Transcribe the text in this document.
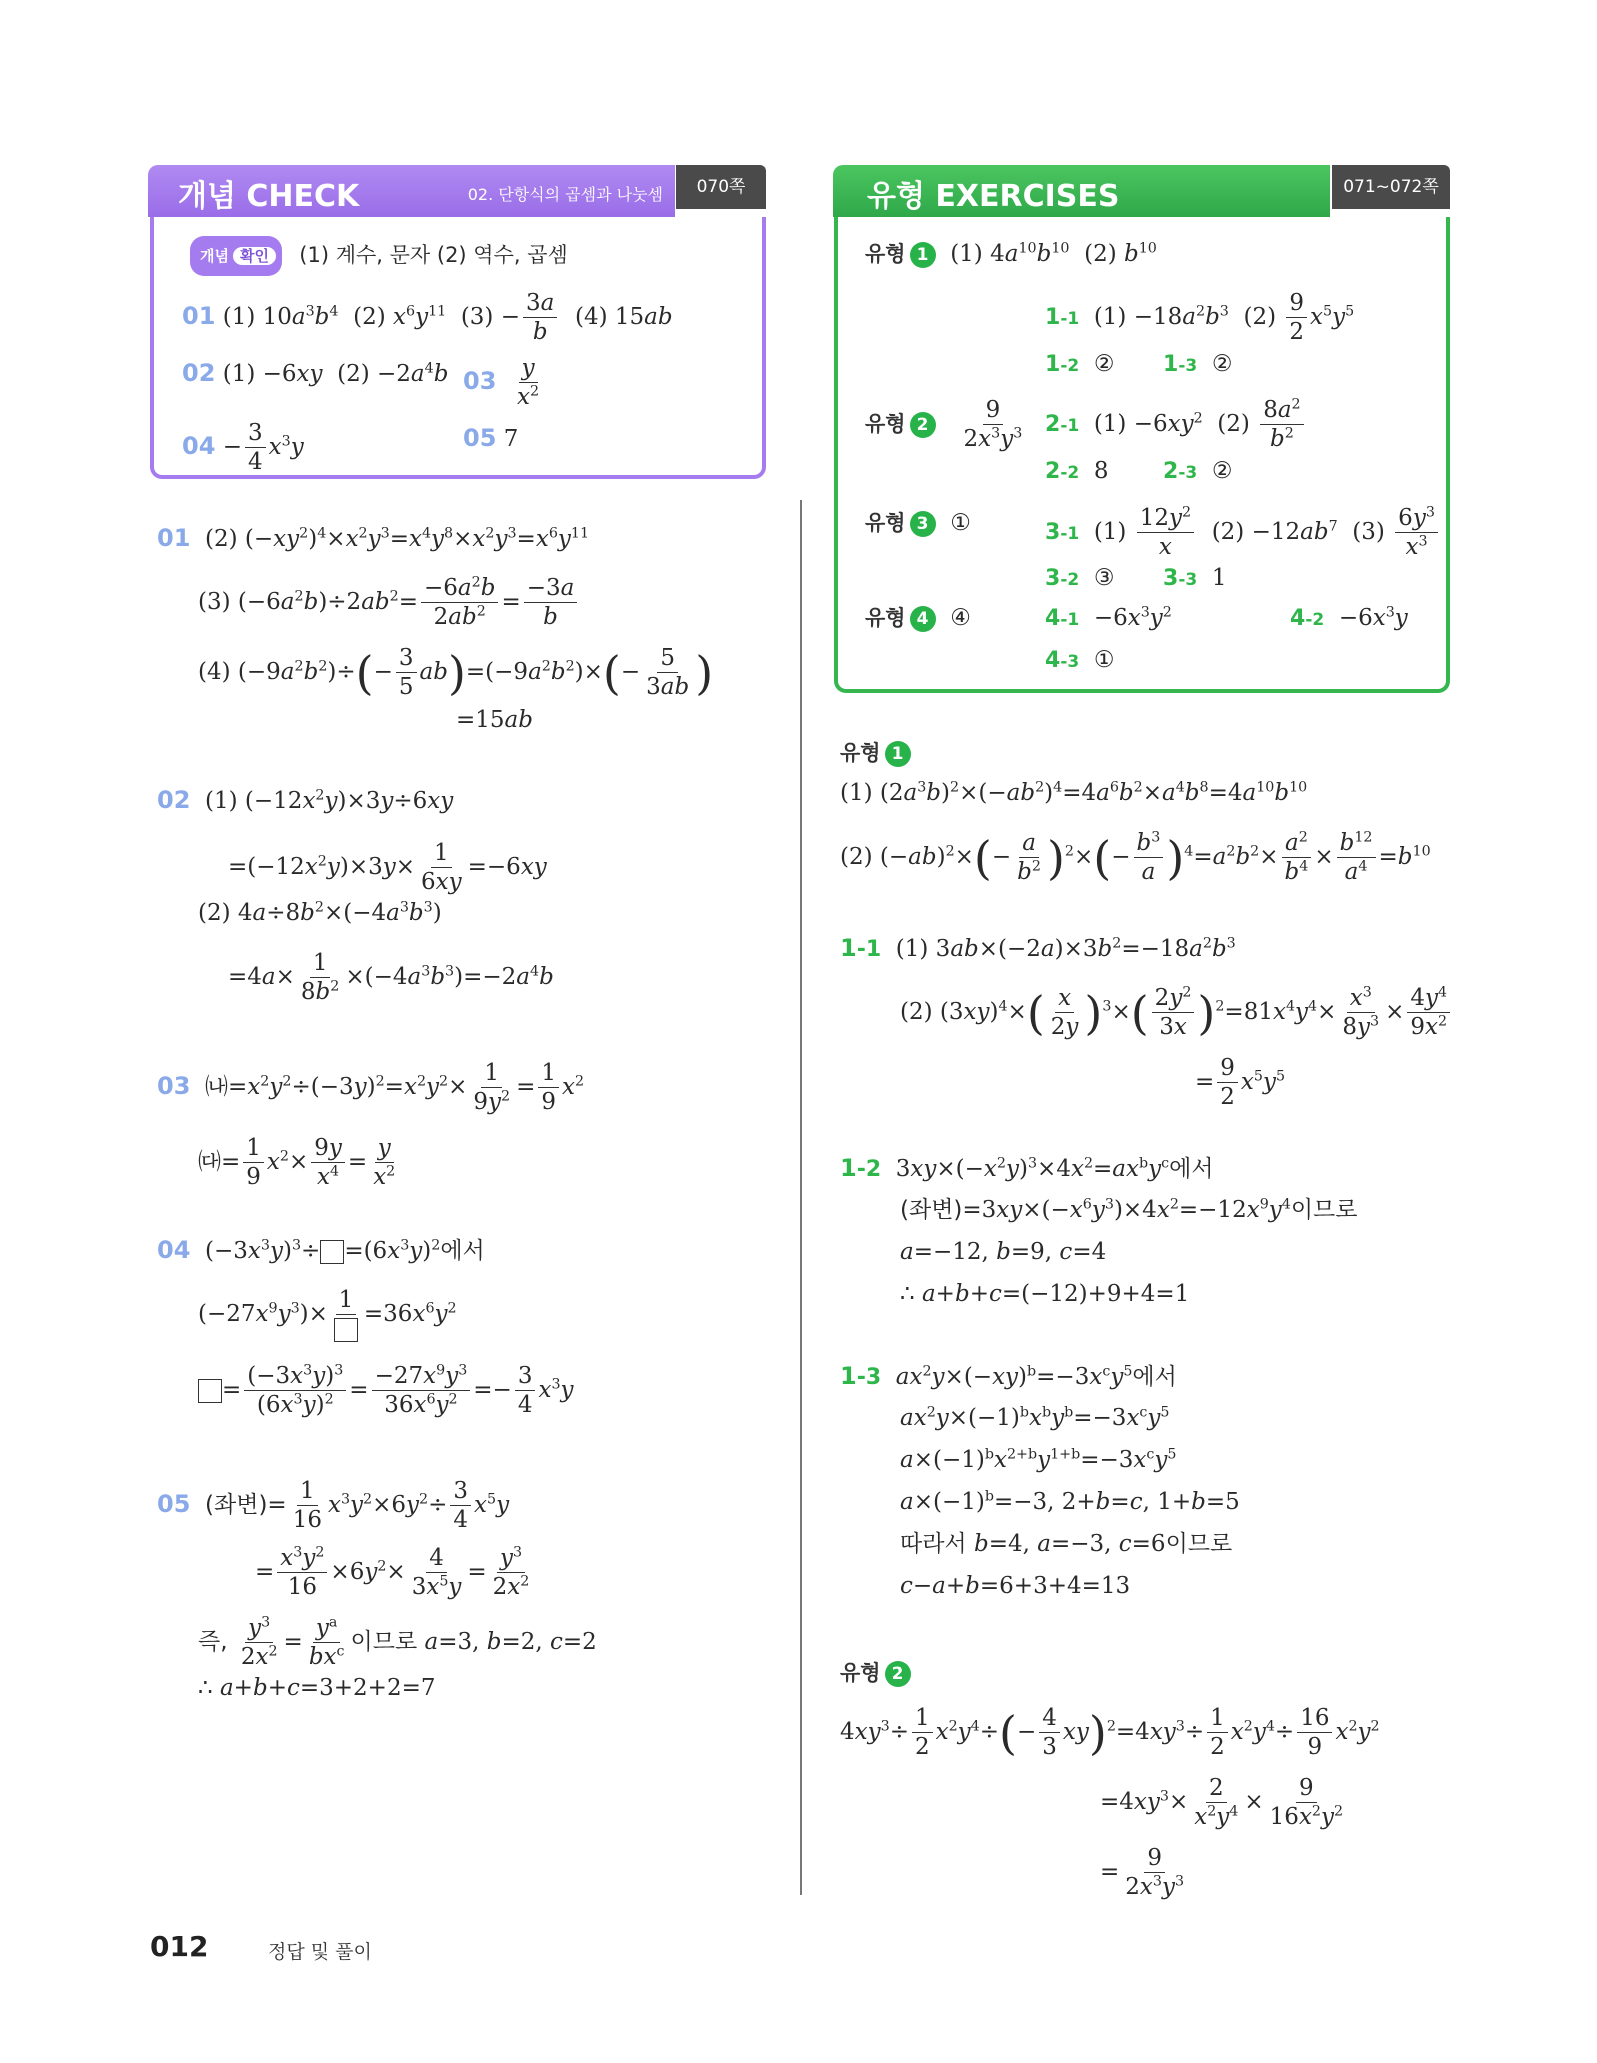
개념 CHECK	02. 단항식의 곱셈과 나눗셈	070쪽
개념 확인 (1) 계수, 문자 (2) 역수, 곱셈
01 (1) $10a^3b^4$  (2) $x^6y^{11}$  $(3) - \frac{3a}{b} (4)$ 15ab
02 (1) −6xy  $(2) -2a^4b$ $03 \frac{y}{x^2}$
$04 - \frac{3}{4} x^3y$	05 7
01  (2) $(-xy^2)^4\times x^2y^3=x^4y^8\times x^2y^3=x^6y^{11}$
(3) $(-6a^2b)\div 2ab^2= \frac{-6a^2b}{2ab^2} = \frac{-3a}{b}$
(4) $(-9a^2b^2)\div(- \frac{3}{5} ab)=(-9a^2b^2)\times(- \frac{5}{3ab}$ )
=15ab
02  (1) $(-12x^2y)\times 3y\div 6xy$
$=(-12x^2y)\times 3y\times \frac{1}{6xy} =-6xy$
(2) $4a\div 8b^2\times(-4a^3b^3)$
$=4a\times \frac{1}{8b^2} \times(-4a^3b^3)=-2a^4b$
03 $㈏=x^2y^2\div(-3y)^2=x^2y^2\times \frac{1}{9y^2} = \frac{1}{9} x^2$
㈐= $\frac{1}{9} x^2\times \frac{9y}{x^4} = \frac{y}{x^2}$
04  $(-3x^3y)^3\div =(6x^3y)^2$에서
$(-27x^9y^3)\times$
1
$=36x^6y^2$
= $\frac{(-3x^3y)^3}{(6x^3y)^2} = \frac{-27x^9y^3}{36x^6y^2} =- \frac{3}{4} x^3y$
05 (좌변)= $\frac{1}{16} x^3y^2\times 6y^2\div \frac{3}{4} x^5y$
= $\frac{x^3y^2}{16} \times 6y^2\times \frac{4}{3x^5y} = \frac{y^3}{2x^2}$
즉, $\frac{y^3}{2x^2} = \frac{y^a}{bx^c}$ 이므로 a=3, b=2, c=2
∴ a+b+c=3+2+2=7
유형 EXERCISES	071~072쪽
유형 1  (1) $4a^{10}b^{10}$  (2) $b^{10}$
1-1  $(1) -18a^2b^3$  $(2) \frac{9}{2} x^5y^5$
1-2  ② 1-3  ②
유형 $2 \frac{9}{2x^3y^3} 2-1$  $(1) -6xy^2$  $(2) \frac{8a^2}{b^2}$
2-2  8 2-3  ②
유형 3  ①	3-1  $(1) \frac{12y^2}{x} (2) -12ab^7$  $(3) \frac{6y^3}{x^3}$
3-2  ③ 3-3  1
유형 4  ④	$4-1 -6x^3y^2$	$4-2 -6x^3y$
4-3  ①
유형 1
(1) $(2a^3b)^2\times(-ab^2)^4=4a^6b^2\times a^4b^8=4a^{10}b^{10}$
(2) $(-ab)^2\times(- \frac{a}{b^2} )^2\times(- \frac{b^3}{a} )^4=a^2b^2\times \frac{a^2}{b^4} \times \frac{b^{12}}{a^4} =b^{10}$
1-1  (1) $3ab\times(-2a)\times 3b^2=-18a^2b^3$
(2) $(3xy)^4\times( \frac{x}{2y} )^3\times( \frac{2y^2}{3x} )^2=81x^4y^4\times \frac{x^3}{8y^3} \times \frac{4y^4}{9x^2}$
= $\frac{9}{2} x^5y^5$
1-2  $3xy\times(-x^2y)^3\times 4x^2=ax^by^c$에서
(좌변)$=3xy\times(-x^6y^3)\times 4x^2=-12x^9y^4$이므로
a=−12, b=9, c=4
∴ a+b+c=(−12)+9+4=1
1-3 $ax^2y\times(-xy)^b=-3x^cy^5$에서
$ax^2y\times(-1)^bx^by^b=-3x^cy^5$
$a\times(-1)^bx^{2+b}y^{1+b}=-3x^cy^5$
$a\times(-1)^b=-3$, 2+b=c, 1+b=5
따라서 b=4, a=−3, c=6이므로
c−a+b=6+3+4=13
유형 2
$4xy^3\div \frac{1}{2} x^2y^4\div(- \frac{4}{3} xy)^2=4xy^3\div \frac{1}{2} x^2y^4\div \frac{16}{9} x^2y^2$
$=4xy^3\times \frac{2}{x^2y^4} \times \frac{9}{16x^2y^2}$
= $\frac{9}{2x^3y^3}$
012	정답 및 풀이
